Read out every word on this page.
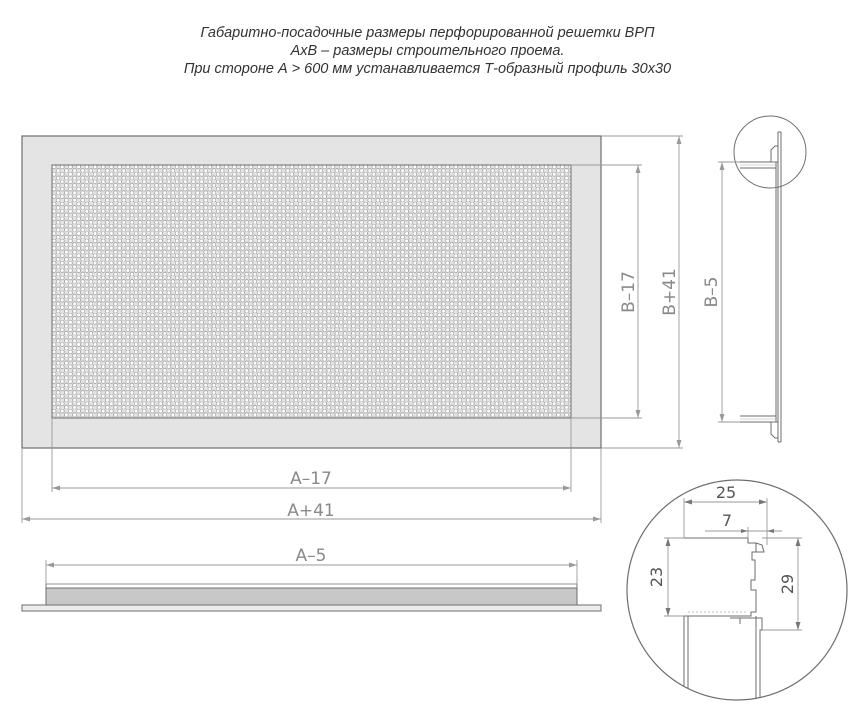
Габаритно-посадочные размеры перфорированной решетки ВРП
АхВ – размеры строительного проема.
При стороне А > 600 мм устанавливается Т-образный профиль 30х30
A–17
A+41
B–17 B+41 B–5
A–5
25
7
23	29
